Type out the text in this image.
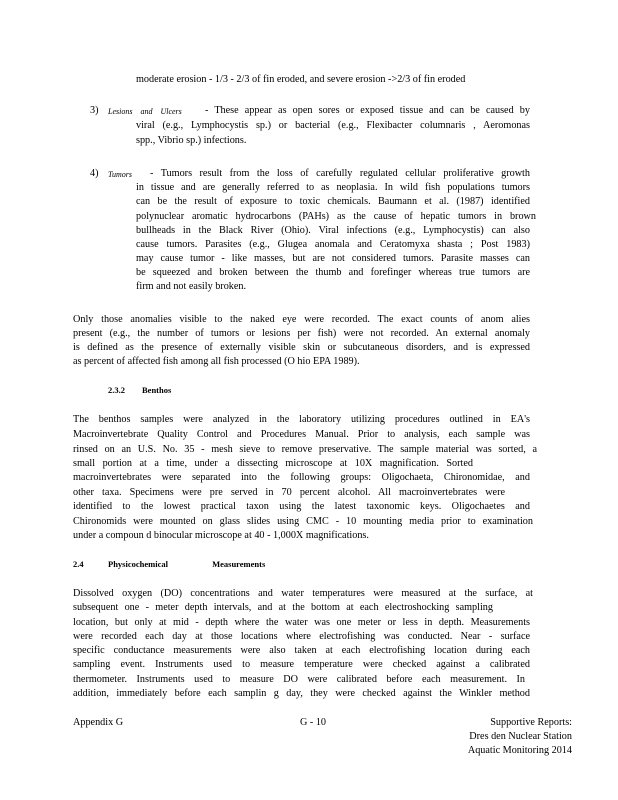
moderate erosion - 1/3 - 2/3 of fin eroded, and severe erosion ->2/3 of fin eroded
3) Lesions and Ulcers	- These appear as open sores or exposed tissue and can be caused by
viral (e.g., Lymphocystis sp.) or bacterial (e.g., Flexibacter columnaris , Aeromonas
spp., Vibrio sp.) infections.
4) Tumors - Tumors result from the loss of carefully regulated cellular proliferative growth
in tissue and are generally referred to as neoplasia. In wild fish populations tumors
can be the result of exposure to toxic chemicals. Baumann et al. (1987) identified
polynuclear aromatic hydrocarbons (PAHs) as the cause of hepatic tumors in brown
bullheads in the Black River (Ohio). Viral infections (e.g., Lymphocystis) can also
cause tumors. Parasites (e.g., Glugea anomala and Ceratomyxa shasta ; Post 1983)
may cause tumor - like masses, but are not considered tumors. Parasite masses can
be squeezed and broken between the thumb and forefinger whereas true tumors are
firm and not easily broken.
Only those anomalies visible to the naked eye were recorded. The exact counts of anom alies
present (e.g., the number of tumors or lesions per fish) were not recorded. An external anomaly
is defined as the presence of externally visible skin or subcutaneous disorders, and is expressed
as percent of affected fish among all fish processed (O hio EPA 1989).
2.3.2 Benthos
The benthos samples were analyzed in the laboratory utilizing procedures outlined in EA's
Macroinvertebrate Quality Control and Procedures Manual. Prior to analysis, each sample was
rinsed on an U.S. No. 35 - mesh sieve to remove preservative. The sample material was sorted, a
small portion at a time, under a dissecting microscope at 10X magnification. Sorted
macroinvertebrates were separated into the following groups: Oligochaeta, Chironomidae, and
other taxa. Specimens were pre served in 70 percent alcohol. All macroinvertebrates were
identified to the lowest practical taxon using the latest taxonomic keys. Oligochaetes and
Chironomids were mounted on glass slides using CMC - 10 mounting media prior to examination
under a compoun d binocular microscope at 40 - 1,000X magnifications.
2.4	Physicochemical Measurements
Dissolved oxygen (DO) concentrations and water temperatures were measured at the surface, at
subsequent one - meter depth intervals, and at the bottom at each electroshocking sampling
location, but only at mid - depth where the water was one meter or less in depth. Measurements
were recorded each day at those locations where electrofishing was conducted. Near - surface
specific conductance measurements were also taken at each electrofishing location during each
sampling event. Instruments used to measure temperature were checked against a calibrated
thermometer. Instruments used to measure DO were calibrated before each measurement. In
addition, immediately before each samplin g day, they were checked against the Winkler method
Appendix G	G - 10	Supportive Reports:
Dres den Nuclear Station
Aquatic Monitoring 2014
